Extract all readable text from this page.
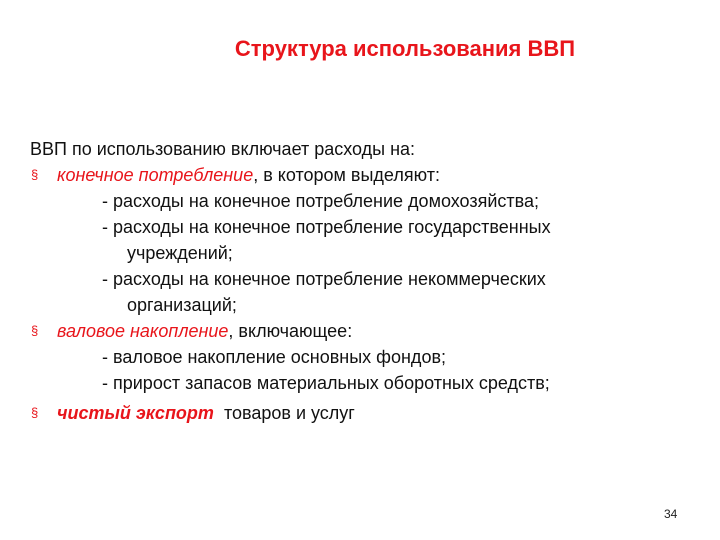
Структура использования ВВП

ВВП по использованию включает расходы на:

§ конечное потребление, в котором выделяют:

- расходы на конечное потребление домохозяйства;

- расходы на конечное потребление государственных

учреждений;

- расходы на конечное потребление некоммерческих

организаций;

§ валовое накопление, включающее:

- валовое накопление основных фондов;

- прирост запасов материальных оборотных средств;

§ чистый экспорт  товаров и услуг

34
